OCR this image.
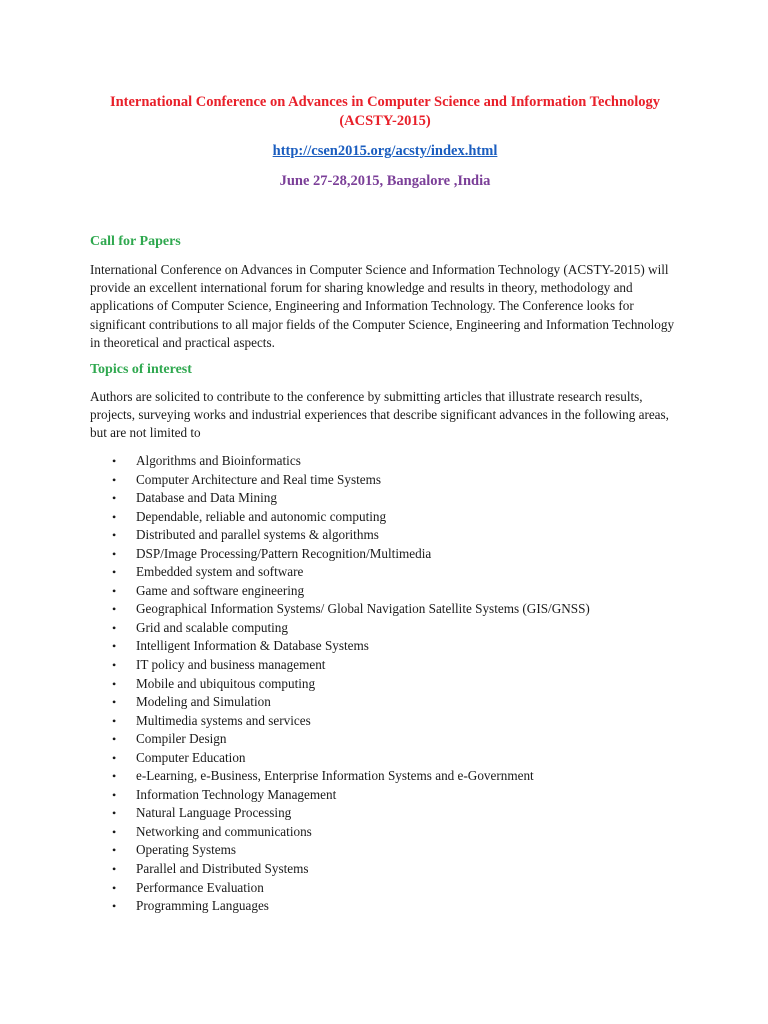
International Conference on Advances in Computer Science and Information Technology (ACSTY-2015)
http://csen2015.org/acsty/index.html
June 27-28,2015, Bangalore ,India
Call for Papers
International Conference on Advances in Computer Science and Information Technology (ACSTY-2015) will provide an excellent international forum for sharing knowledge and results in theory, methodology and applications of Computer Science, Engineering and Information Technology. The Conference looks for significant contributions to all major fields of the Computer Science, Engineering and Information Technology in theoretical and practical aspects.
Topics of interest
Authors are solicited to contribute to the conference by submitting articles that illustrate research results, projects, surveying works and industrial experiences that describe significant advances in the following areas, but are not limited to
• Algorithms and Bioinformatics
• Computer Architecture and Real time Systems
• Database and Data Mining
• Dependable, reliable and autonomic computing
• Distributed and parallel systems & algorithms
• DSP/Image Processing/Pattern Recognition/Multimedia
• Embedded system and software
• Game and software engineering
• Geographical Information Systems/ Global Navigation Satellite Systems (GIS/GNSS)
• Grid and scalable computing
• Intelligent Information & Database Systems
• IT policy and business management
• Mobile and ubiquitous computing
• Modeling and Simulation
• Multimedia systems and services
• Compiler Design
• Computer Education
• e-Learning, e-Business, Enterprise Information Systems and e-Government
• Information Technology Management
• Natural Language Processing
• Networking and communications
• Operating Systems
• Parallel and Distributed Systems
• Performance Evaluation
• Programming Languages
